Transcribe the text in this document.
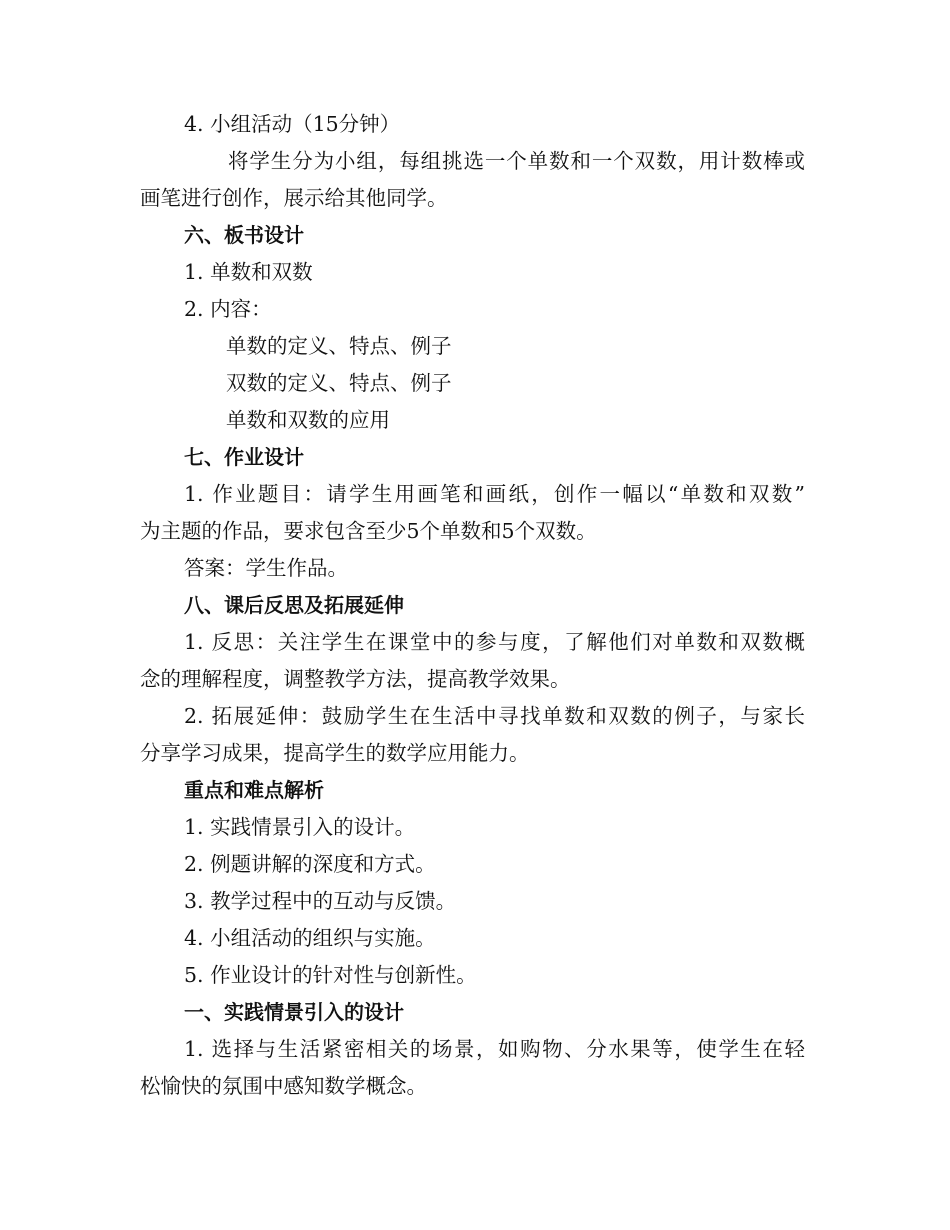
4. 小组活动（15分钟）
将学生分为小组，每组挑选一个单数和一个双数，用计数棒或
画笔进行创作，展示给其他同学。
六、板书设计
1. 单数和双数
2. 内容：
单数的定义、特点、例子
双数的定义、特点、例子
单数和双数的应用
七、作业设计
1. 作业题目：请学生用画笔和画纸，创作一幅以“单数和双数”
为主题的作品，要求包含至少5个单数和5个双数。
答案：学生作品。
八、课后反思及拓展延伸
1. 反思：关注学生在课堂中的参与度，了解他们对单数和双数概
念的理解程度，调整教学方法，提高教学效果。
2. 拓展延伸：鼓励学生在生活中寻找单数和双数的例子，与家长
分享学习成果，提高学生的数学应用能力。
重点和难点解析
1. 实践情景引入的设计。
2. 例题讲解的深度和方式。
3. 教学过程中的互动与反馈。
4. 小组活动的组织与实施。
5. 作业设计的针对性与创新性。
一、实践情景引入的设计
1. 选择与生活紧密相关的场景，如购物、分水果等，使学生在轻
松愉快的氛围中感知数学概念。
